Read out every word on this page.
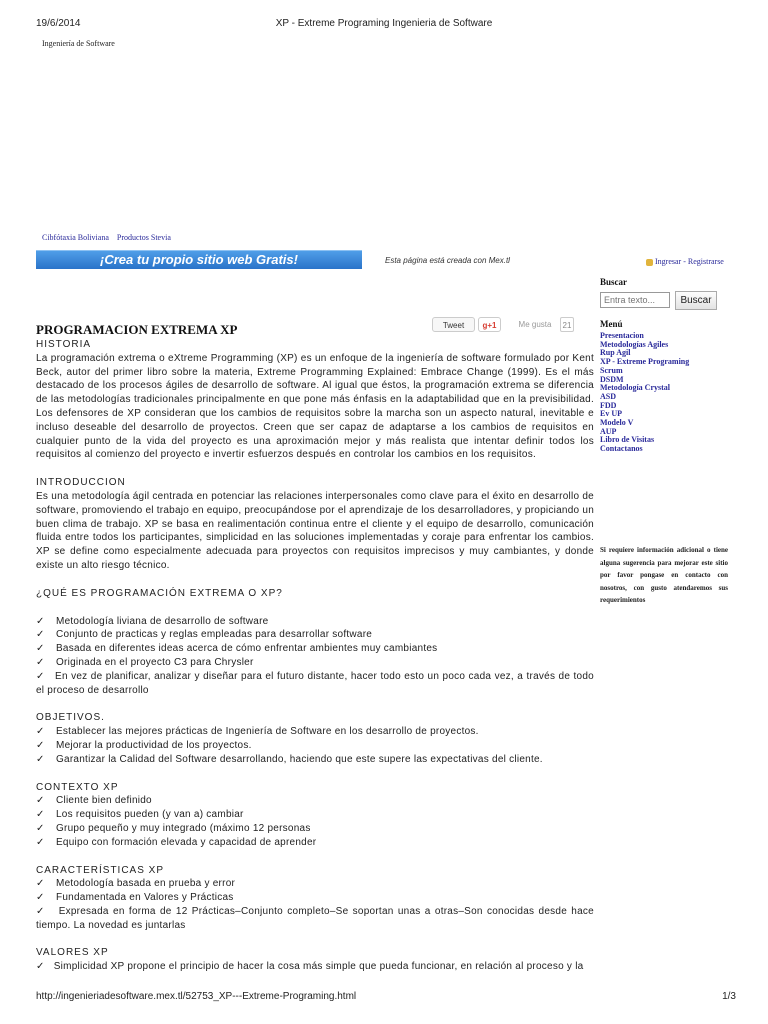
19/6/2014	XP - Extreme Programing Ingenieria de Software
Ingeniería de Software
Cibfótaxia Boliviana Productos Stevia
¡Crea tu propio sitio web Gratis!	Esta página está creada con Mex.tl	Ingresar - Registrarse
Buscar
Entra texto...
Buscar
Menú
Presentacion
Metodologías Agiles
Rup Agil
XP - Extreme Programing
Scrum
DSDM
Metodología Crystal
ASD
FDD
Ev UP
Modelo V
AUP
Libro de Visitas
Contactanos
Si requiere información adicional o tiene alguna sugerencia para mejorar este sitio por favor pongase en contacto con nosotros, con gusto atendaremos sus requerimientos
PROGRAMACION EXTREMA XP	Tweet	g+1	Me gusta	21
HISTORIA

La programación extrema o eXtreme Programming (XP) es un enfoque de la ingeniería de software formulado por Kent Beck, autor del primer libro sobre la materia, Extreme Programming Explained: Embrace Change (1999). Es el más destacado de los procesos ágiles de desarrollo de software. Al igual que éstos, la programación extrema se diferencia de las metodologías tradicionales principalmente en que pone más énfasis en la adaptabilidad que en la previsibilidad. Los defensores de XP consideran que los cambios de requisitos sobre la marcha son un aspecto natural, inevitable e incluso deseable del desarrollo de proyectos. Creen que ser capaz de adaptarse a los cambios de requisitos en cualquier punto de la vida del proyecto es una aproximación mejor y más realista que intentar definir todos los requisitos al comienzo del proyecto e invertir esfuerzos después en controlar los cambios en los requisitos.

INTRODUCCION

Es una metodología ágil centrada en potenciar las relaciones interpersonales como clave para el éxito en desarrollo de software, promoviendo el trabajo en equipo, preocupándose por el aprendizaje de los desarrolladores, y propiciando un buen clima de trabajo. XP se basa en realimentación continua entre el cliente y el equipo de desarrollo, comunicación fluida entre todos los participantes, simplicidad en las soluciones implementadas y coraje para enfrentar los cambios. XP se define como especialmente adecuada para proyectos con requisitos imprecisos y muy cambiantes, y donde existe un alto riesgo técnico.

¿QUÉ ES PROGRAMACIÓN EXTREMA O XP?
✓ Metodología liviana de desarrollo de software
✓ Conjunto de practicas y reglas empleadas para desarrollar software
✓ Basada en diferentes ideas acerca de cómo enfrentar ambientes muy cambiantes
✓ Originada en el proyecto C3 para Chrysler
✓   En vez de planificar, analizar y diseñar para el futuro distante, hacer todo esto un poco cada vez, a través de todo el proceso de desarrollo
OBJETIVOS.
✓ Establecer las mejores prácticas de Ingeniería de Software en los desarrollo de proyectos.
✓ Mejorar la productividad de los proyectos.
✓ Garantizar la Calidad del Software desarrollando, haciendo que este supere las expectativas del cliente.
CONTEXTO XP
✓ Cliente bien definido
✓ Los requisitos pueden (y van a) cambiar
✓ Grupo pequeño y muy integrado (máximo 12 personas
✓ Equipo con formación elevada y capacidad de aprender
CARACTERÍSTICAS XP
✓ Metodología basada en prueba y error
✓ Fundamentada en Valores y Prácticas
✓   Expresada en forma de 12 Prácticas–Conjunto completo–Se soportan unas a otras–Son conocidas desde hace tiempo. La novedad es juntarlas
VALORES XP
✓   Simplicidad XP propone el principio de hacer la cosa más simple que pueda funcionar, en relación al proceso y la
http://ingenieriadesoftware.mex.tl/52753_XP---Extreme-Programing.html	1/3
